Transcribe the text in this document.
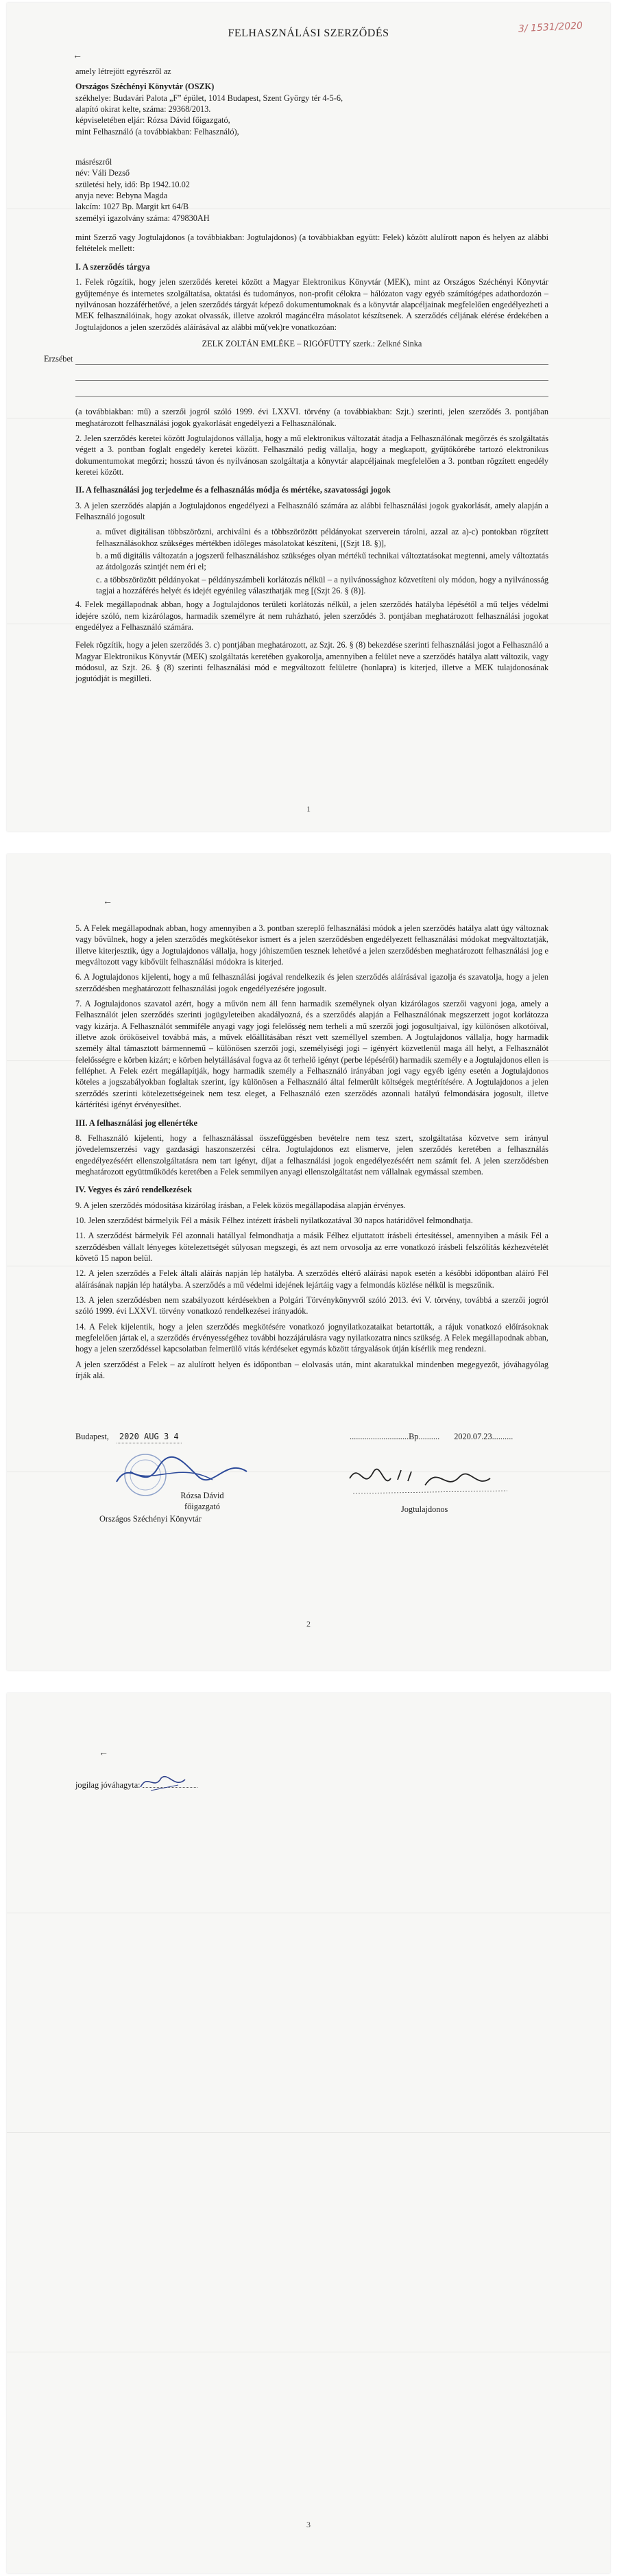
3/ 1531/2020
FELHASZNÁLÁSI SZERZŐDÉS
←

amely létrejött egyrészről az

Országos Széchényi Könyvtár (OSZK)
székhelye: Budavári Palota „F” épület, 1014 Budapest, Szent György tér 4-5-6,
alapító okirat kelte, száma: 29368/2013.
képviseletében eljár: Rózsa Dávid főigazgató,
mint Felhasználó (a továbbiakban: Felhasználó),
másrészről
név: Váli Dezső
születési hely, idő: Bp 1942.10.02
anyja neve: Bebyna Magda
lakcím: 1027 Bp. Margit krt 64/B
személyi igazolvány száma: 479830AH

mint Szerző vagy Jogtulajdonos (a továbbiakban: Jogtulajdonos) (a továbbiakban együtt: Felek) között alulírott napon és helyen az alábbi feltételek mellett:

I. A szerződés tárgya

1. Felek rögzítik, hogy jelen szerződés keretei között a Magyar Elektronikus Könyvtár (MEK), mint az Országos Széchényi Könyvtár gyűjteménye és internetes szolgáltatása, oktatási és tudományos, non-profit célokra – hálózaton vagy egyéb számítógépes adathordozón – nyilvánosan hozzáférhetővé, a jelen szerződés tárgyát képező dokumentumoknak és a könyvtár alapcéljainak megfelelően engedélyezheti a MEK felhasználóinak, hogy azokat olvassák, illetve azokról magáncélra másolatot készítsenek. A szerződés céljának elérése érdekében a Jogtulajdonos a jelen szerződés aláírásával az alábbi mű(vek)re vonatkozóan:

ZELK ZOLTÁN EMLÉKE – RIGÓFÜTTY szerk.: Zelkné Sinka
Erzsébet

(a továbbiakban: mű) a szerzői jogról szóló 1999. évi LXXVI. törvény (a továbbiakban: Szjt.) szerinti, jelen szerződés 3. pontjában meghatározott felhasználási jogok gyakorlását engedélyezi a Felhasználónak.

2. Jelen szerződés keretei között Jogtulajdonos vállalja, hogy a mű elektronikus változatát átadja a Felhasználónak megőrzés és szolgáltatás végett a 3. pontban foglalt engedély keretei között. Felhasználó pedig vállalja, hogy a megkapott, gyűjtőkörébe tartozó elektronikus dokumentumokat megőrzi; hosszú távon és nyilvánosan szolgáltatja a könyvtár alapcéljainak megfelelően a 3. pontban rögzített engedély keretei között.

II. A felhasználási jog terjedelme és a felhasználás módja és mértéke, szavatossági jogok

3. A jelen szerződés alapján a Jogtulajdonos engedélyezi a Felhasználó számára az alábbi felhasználási jogok gyakorlását, amely alapján a Felhasználó jogosult

a. művet digitálisan többszörözni, archiválni és a többszörözött példányokat szerverein tárolni, azzal az a)-c) pontokban rögzített felhasználásokhoz szükséges mértékben időleges másolatokat készíteni, [(Szjt 18. §)],
b. a mű digitális változatán a jogszerű felhasználáshoz szükséges olyan mértékű technikai változtatásokat megtenni, amely változtatás az átdolgozás szintjét nem éri el;
c. a többszörözött példányokat – példányszámbeli korlátozás nélkül – a nyilvánossághoz közvetíteni oly módon, hogy a nyilvánosság tagjai a hozzáférés helyét és idejét egyénileg választhatják meg [(Szjt 26. § (8)].

4. Felek megállapodnak abban, hogy a Jogtulajdonos területi korlátozás nélkül, a jelen szerződés hatályba lépésétől a mű teljes védelmi idejére szóló, nem kizárólagos, harmadik személyre át nem ruházható, jelen szerződés 3. pontjában meghatározott felhasználási jogokat engedélyez a Felhasználó számára.

Felek rögzítik, hogy a jelen szerződés 3. c) pontjában meghatározott, az Szjt. 26. § (8) bekezdése szerinti felhasználási jogot a Felhasználó a Magyar Elektronikus Könyvtár (MEK) szolgáltatás keretében gyakorolja, amennyiben a felület neve a szerződés hatálya alatt változik, vagy módosul, az Szjt. 26. § (8) szerinti felhasználási mód e megváltozott felületre (honlapra) is kiterjed, illetve a MEK tulajdonosának jogutódját is megilleti.

1
←

5. A Felek megállapodnak abban, hogy amennyiben a 3. pontban szereplő felhasználási módok a jelen szerződés hatálya alatt úgy változnak vagy bővülnek, hogy a jelen szerződés megkötésekor ismert és a jelen szerződésben engedélyezett felhasználási módokat megváltoztatják, illetve kiterjesztik, úgy a Jogtulajdonos vállalja, hogy jóhiszeműen tesznek lehetővé a jelen szerződésben meghatározott felhasználási jog e megváltozott vagy kibővült felhasználási módokra is kiterjed.

6. A Jogtulajdonos kijelenti, hogy a mű felhasználási jogával rendelkezik és jelen szerződés aláírásával igazolja és szavatolja, hogy a jelen szerződésben meghatározott felhasználási jogok engedélyezésére jogosult.

7. A Jogtulajdonos szavatol azért, hogy a művön nem áll fenn harmadik személynek olyan kizárólagos szerzői vagyoni joga, amely a Felhasználót jelen szerződés szerinti jogügyleteiben akadályozná, és a szerződés alapján a Felhasználónak megszerzett jogot korlátozza vagy kizárja. A Felhasználót semmiféle anyagi vagy jogi felelősség nem terheli a mű szerzői jogi jogosultjaival, így különösen alkotóival, illetve azok örököseivel továbbá más, a művek előállításában részt vett személlyel szemben. A Jogtulajdonos vállalja, hogy harmadik személy által támasztott bármennemű – különösen szerzői jogi, személyiségi jogi – igényért közvetlenül maga áll helyt, a Felhasználót felelősségre e körben kizárt; e körben helytállásával fogva az őt terhelő igényt (perbe lépéséről) harmadik személy e a Jogtulajdonos ellen is felléphet. A Felek ezért megállapítják, hogy harmadik személy a Felhasználó irányában jogi vagy egyéb igény esetén a Jogtulajdonos köteles a jogszabályokban foglaltak szerint, így különösen a Felhasználó által felmerült költségek megtérítésére. A Jogtulajdonos a jelen szerződés szerinti kötelezettségeinek nem tesz eleget, a Felhasználó ezen szerződés azonnali hatályú felmondására jogosult, illetve kártérítési igényt érvényesíthet.

III. A felhasználási jog ellenértéke

8. Felhasználó kijelenti, hogy a felhasználással összefüggésben bevételre nem tesz szert, szolgáltatása közvetve sem irányul jövedelemszerzési vagy gazdasági haszonszerzési célra. Jogtulajdonos ezt elismerve, jelen szerződés keretében a felhasználás engedélyezéséért ellenszolgáltatásra nem tart igényt, díjat a felhasználási jogok engedélyezéséért nem számít fel. A jelen szerződésben meghatározott együttműködés keretében a Felek semmilyen anyagi ellenszolgáltatást nem vállalnak egymással szemben.

IV. Vegyes és záró rendelkezések

9. A jelen szerződés módosítása kizárólag írásban, a Felek közös megállapodása alapján érvényes.

10. Jelen szerződést bármelyik Fél a másik Félhez intézett írásbeli nyilatkozatával 30 napos határidővel felmondhatja.

11. A szerződést bármelyik Fél azonnali hatállyal felmondhatja a másik Félhez eljuttatott írásbeli értesítéssel, amennyiben a másik Fél a szerződésben vállalt lényeges kötelezettségét súlyosan megszegi, és azt nem orvosolja az erre vonatkozó írásbeli felszólítás kézhezvételét követő 15 napon belül.

12. A jelen szerződés a Felek általi aláírás napján lép hatályba. A szerződés eltérő aláírási napok esetén a későbbi időpontban aláíró Fél aláírásának napján lép hatályba. A szerződés a mű védelmi idejének lejártáig vagy a felmondás közlése nélkül is megszűnik.

13. A jelen szerződésben nem szabályozott kérdésekben a Polgári Törvénykönyvről szóló 2013. évi V. törvény, továbbá a szerzői jogról szóló 1999. évi LXXVI. törvény vonatkozó rendelkezései irányadók.

14. A Felek kijelentik, hogy a jelen szerződés megkötésére vonatkozó jognyilatkozataikat betartották, a rájuk vonatkozó előírásoknak megfelelően jártak el, a szerződés érvényességéhez további hozzájárulásra vagy nyilatkozatra nincs szükség. A Felek megállapodnak abban, hogy a jelen szerződéssel kapcsolatban felmerülő vitás kérdéseket egymás között tárgyalások útján kísérlik meg rendezni.

A jelen szerződést a Felek – az alulírott helyen és időpontban – elolvasás után, mint akaratukkal mindenben megegyezőt, jóváhagyólag írják alá.

Budapest, 2020 AUG 3 4
Rózsa Dávid
főigazgató
Országos Széchényi Könyvtár
............................Bp.......... 2020.07.23..........
Jogtulajdonos
2
←
jogilag jóváhagyta:
3
